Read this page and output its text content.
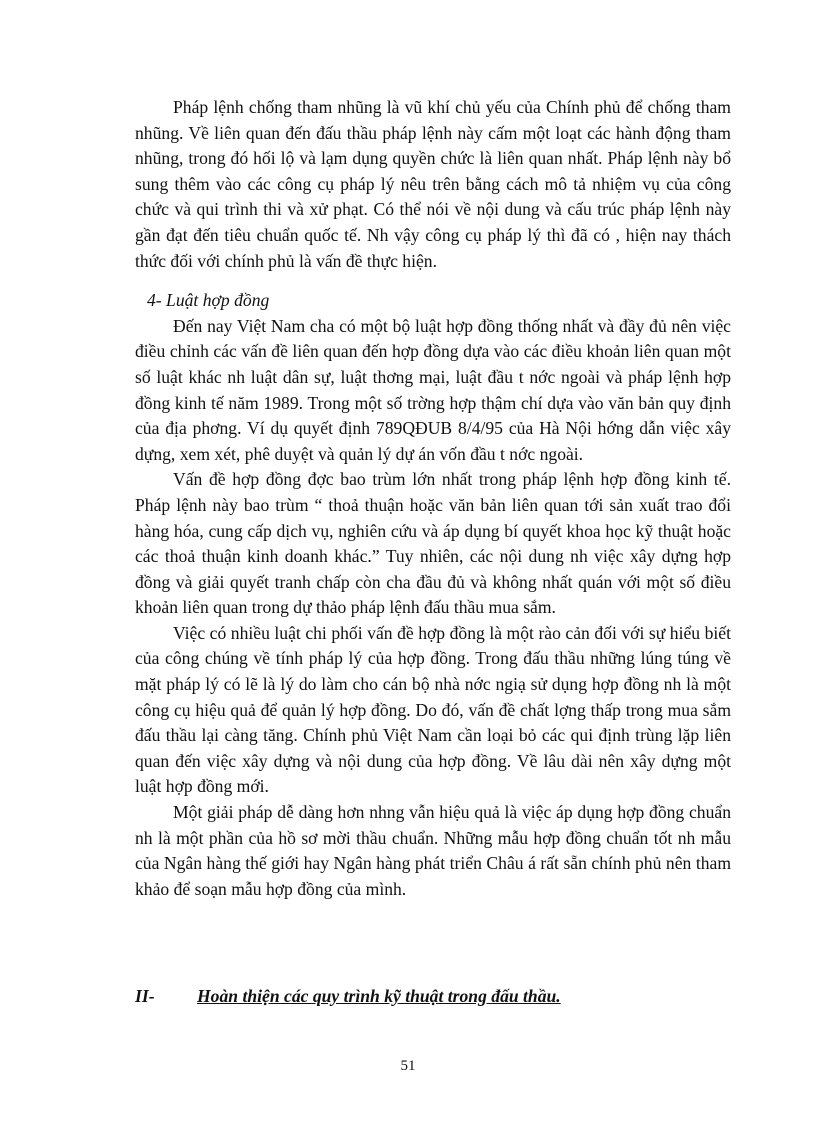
Pháp lệnh chống tham nhũng là vũ khí chủ yếu của Chính phủ để chống tham nhũng. Về liên quan đến đấu thầu pháp lệnh này cấm một loạt các hành động tham nhũng, trong đó hối lộ và lạm dụng quyền chức là liên quan nhất. Pháp lệnh này bổ sung thêm vào các công cụ pháp lý nêu trên bằng cách mô tả nhiệm vụ của công chức và qui trình thi và xử phạt. Có thể nói về nội dung và cấu trúc pháp lệnh này gần đạt đến tiêu chuẩn quốc tế. Nh vậy công cụ pháp lý thì đã có , hiện nay thách thức đối với chính phủ là vấn đề thực hiện.

4- Luật hợp đồng

Đến nay Việt Nam cha có một bộ luật hợp đồng thống nhất và đầy đủ nên việc điều chỉnh các vấn đề liên quan đến hợp đồng dựa vào các điều khoản liên quan một số luật khác nh luật dân sự, luật thơng mại, luật đầu t nớc ngoài và pháp lệnh hợp đồng kinh tế năm 1989. Trong một số trờng hợp thậm chí dựa vào văn bản quy định của địa phơng. Ví dụ quyết định 789QĐUB 8/4/95 của Hà Nội hớng dẫn việc xây dựng, xem xét, phê duyệt và quản lý dự án vốn đầu t nớc ngoài.

Vấn đề hợp đồng đợc bao trùm lớn nhất trong pháp lệnh hợp đồng kinh tế. Pháp lệnh này bao trùm “ thoả thuận hoặc văn bản liên quan tới sản xuất trao đổi hàng hóa, cung cấp dịch vụ, nghiên cứu và áp dụng bí quyết khoa học kỹ thuật hoặc các thoả thuận kinh doanh khác.” Tuy nhiên, các nội dung nh việc xây dựng hợp đồng và giải quyết tranh chấp còn cha đầu đủ và không nhất quán với một số điều khoản liên quan trong dự thảo pháp lệnh đấu thầu mua sắm.

Việc có nhiều luật chi phối vấn đề hợp đồng là một rào cản đối với sự hiểu biết của công chúng về tính pháp lý của hợp đồng. Trong đấu thầu những lúng túng về mặt pháp lý có lẽ là lý do làm cho cán bộ nhà nớc ngiạ sử dụng hợp đồng nh là một công cụ hiệu quả để quản lý hợp đồng. Do đó, vấn đề chất lợng thấp trong mua sắm đấu thầu lại càng tăng. Chính phủ Việt Nam cần loại bỏ các qui định trùng lặp liên quan đến việc xây dựng và nội dung của hợp đồng. Về lâu dài nên xây dựng một luật hợp đồng mới.

Một giải pháp dễ dàng hơn nhng vẫn hiệu quả là việc áp dụng hợp đồng chuẩn nh là một phần của hồ sơ mời thầu chuẩn. Những mẫu hợp đồng chuẩn tốt nh mẫu của Ngân hàng thế giới hay Ngân hàng phát triển Châu á rất sẵn chính phủ nên tham khảo để soạn mẫu hợp đồng của mình.

II- Hoàn thiện các quy trình kỹ thuật trong đấu thầu.
51
